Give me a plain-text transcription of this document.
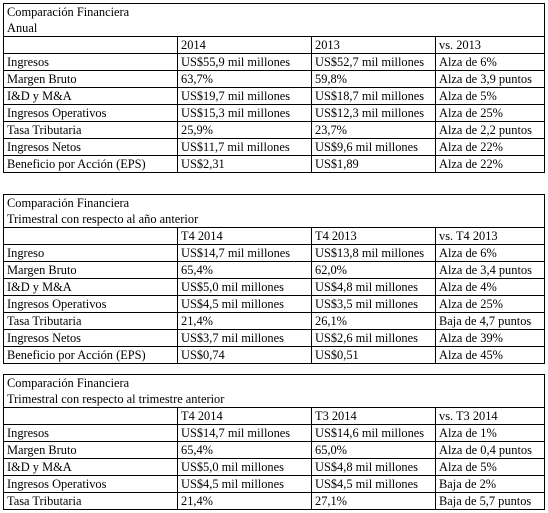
Comparación Financiera			
Anual			
	2014	2013	vs. 2013
Ingresos	US$55,9 mil millones	US$52,7 mil millones	Alza de 6%
Margen Bruto	63,7%	59,8%	Alza de 3,9 puntos
I&D y M&A	US$19,7 mil millones	US$18,7 mil millones	Alza de 5%
Ingresos Operativos	US$15,3 mil millones	US$12,3 mil millones	Alza de 25%
Tasa Tributaria	25,9%	23,7%	Alza de 2,2 puntos
Ingresos Netos	US$11,7 mil millones	US$9,6 mil millones	Alza de 22%
Beneficio por Acción (EPS)	US$2,31	US$1,89	Alza de 22%
Comparación Financiera			
Trimestral con respecto al año anterior			
	T4 2014	T4 2013	vs. T4 2013
Ingreso	US$14,7 mil millones	US$13,8 mil millones	Alza de 6%
Margen Bruto	65,4%	62,0%	Alza de 3,4 puntos
I&D y M&A	US$5,0 mil millones	US$4,8 mil millones	Alza de 4%
Ingresos Operativos	US$4,5 mil millones	US$3,5 mil millones	Alza de 25%
Tasa Tributaria	21,4%	26,1%	Baja de 4,7 puntos
Ingresos Netos	US$3,7 mil millones	US$2,6 mil millones	Alza de 39%
Beneficio por Acción (EPS)	US$0,74	US$0,51	Alza de 45%
Comparación Financiera			
Trimestral con respecto al trimestre anterior			
	T4 2014	T3 2014	vs. T3 2014
Ingresos	US$14,7 mil millones	US$14,6 mil millones	Alza de 1%
Margen Bruto	65,4%	65,0%	Alza de 0,4 puntos
I&D y M&A	US$5,0 mil millones	US$4,8 mil millones	Alza de 5%
Ingresos Operativos	US$4,5 mil millones	US$4,5 mil millones	Baja de 2%
Tasa Tributaria	21,4%	27,1%	Baja de 5,7 puntos
